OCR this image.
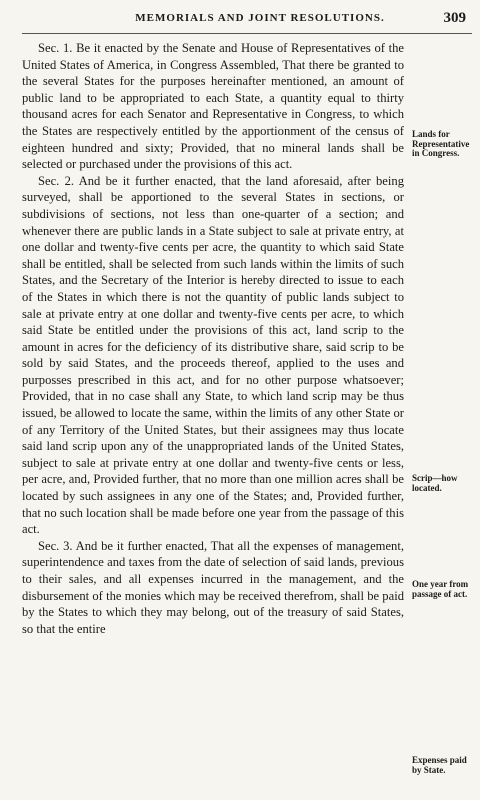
MEMORIALS AND JOINT RESOLUTIONS.	309

Sec. 1. Be it enacted by the Senate and House of Representatives of the United States of America, in Congress Assembled, That there be granted to the several States for the purposes hereinafter mentioned, an amount of public land to be appropriated to each State, a quantity equal to thirty thousand acres for each Senator and Representative in Congress, to which the States are respectively entitled by the apportionment of the census of eighteen hundred and sixty; Provided, that no mineral lands shall be selected or purchased under the provisions of this act.

Sec. 2. And be it further enacted, that the land aforesaid, after being surveyed, shall be apportioned to the several States in sections, or subdivisions of sections, not less than one-quarter of a section; and whenever there are public lands in a State subject to sale at private entry, at one dollar and twenty-five cents per acre, the quantity to which said State shall be entitled, shall be selected from such lands within the limits of such States, and the Secretary of the Interior is hereby directed to issue to each of the States in which there is not the quantity of public lands subject to sale at private entry at one dollar and twenty-five cents per acre, to which said State be entitled under the provisions of this act, land scrip to the amount in acres for the deficiency of its distributive share, said scrip to be sold by said States, and the proceeds thereof, applied to the uses and purposses prescribed in this act, and for no other purpose whatsoever; Provided, that in no case shall any State, to which land scrip may be thus issued, be allowed to locate the same, within the limits of any other State or of any Territory of the United States, but their assignees may thus locate said land scrip upon any of the unappropriated lands of the United States, subject to sale at private entry at one dollar and twenty-five cents or less, per acre, and, Provided further, that no more than one million acres shall be located by such assignees in any one of the States; and, Provided further, that no such location shall be made before one year from the passage of this act.

Sec. 3. And be it further enacted, That all the expenses of management, superintendence and taxes from the date of selection of said lands, previous to their sales, and all expenses incurred in the management, and the disbursement of the monies which may be received therefrom, shall be paid by the States to which they may belong, out of the treasury of said States, so that the entire

Lands for Representative in Congress.
Scrip—how located.
One year from passage of act.
Expenses paid by State.
